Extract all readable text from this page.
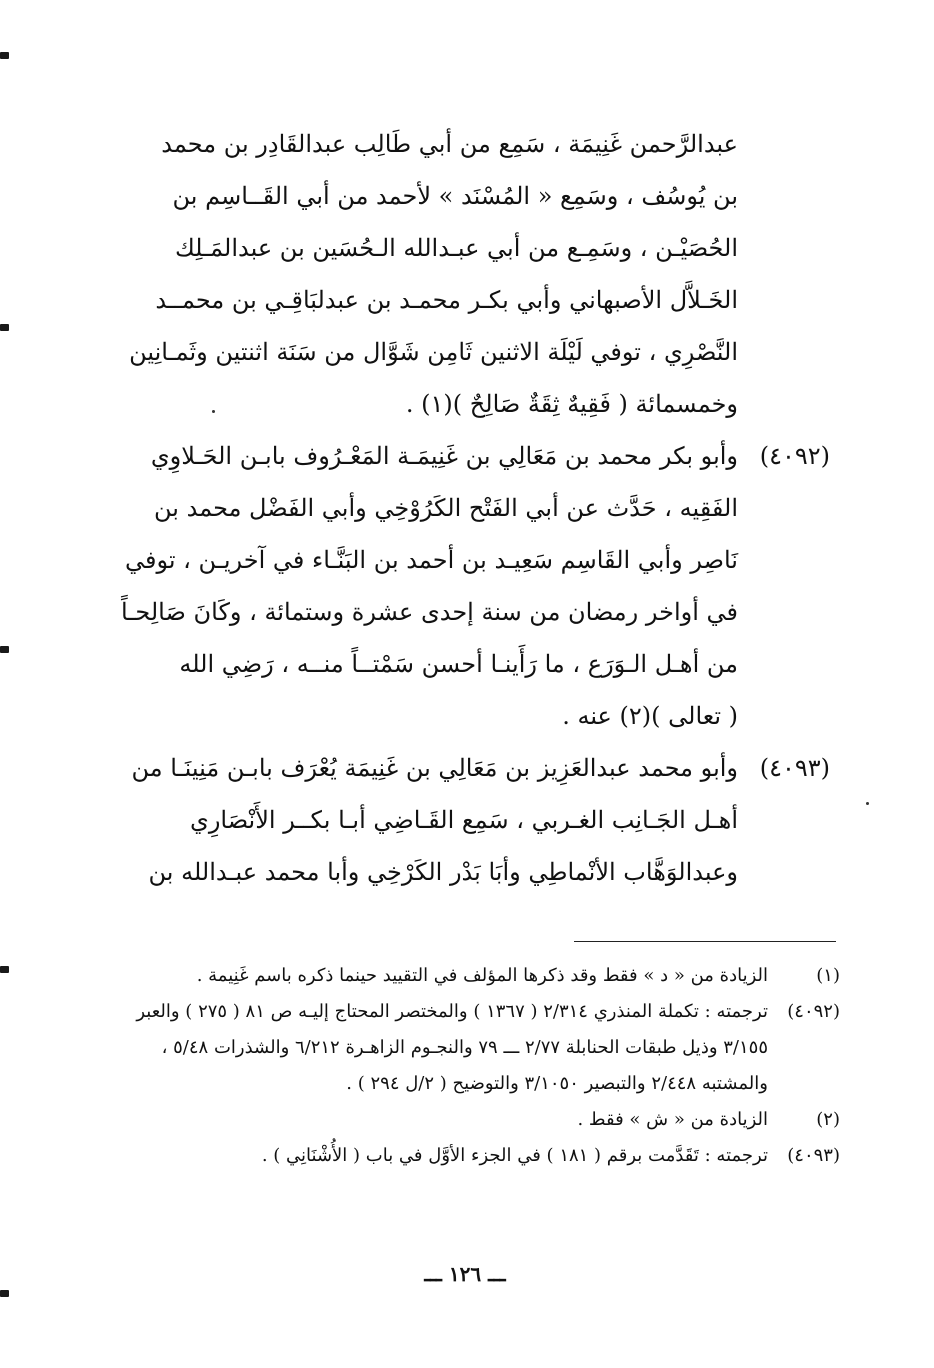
عبدالرَّحمن غَنِيمَة ، سَمِع من أبي طَالِب عبدالقَادِر بن محمد
بن يُوسُف ، وسَمِع « المُسْنَد » لأحمد من أبي القَــاسِم بن
الحُصَيْـن ، وسَمِـع من أبي عبـدالله الـحُسَين بن عبدالمَـلِك
الخَـلاَّل الأصبهاني وأبي بكـر محمـد بن عبدلبَاقِـي بن محمــد
النَّصْرِي ، توفي لَيْلَة الاثنين ثَامِن شَوَّال من سَنَة اثنتين وثَمـانِين
وخمسمائة ( فَقِيهٌ ثِقَةٌ صَالِحٌ )(١) .
(٤٠٩٢)وأبو بكر محمد بن مَعَالِي بن غَنِيمَـة المَعْـرُوف بابـن الحَـلاوِي
الفَقِيه ، حَدَّث عن أبي الفَتْح الكَرُوْخِي وأبي الفَضْل محمد بن
نَاصِر وأبي القَاسِم سَعِيـد بن أحمد بن البَنَّـاء في آخريـن ، توفي
في أواخر رمضان من سنة إحدى عشرة وستمائة ، وكَانَ صَالِحـاً
من أهـل الـوَرَع ، ما رَأَينـا أحسن سَمْتــاً منــه ، رَضِي الله
( تعالى )(٢) عنه .
(٤٠٩٣)وأبو محمد عبدالعَزِيز بن مَعَالِي بن غَنِيمَة يُعْرَف بابـن مَنِينَـا من
أهـل الجَـانِب الغـربي ، سَمِع القَـاضِي أبـا بكــر الأَنْصَارِي
وعبدالوَهَّاب الأنْماطِي وأبَا بَدْر الكَرْخِي وأبا محمد عبـدالله بن
(١)الزيادة من « د » فقط وقد ذكرها المؤلف في التقييد حينما ذكره باسم غَنِيمة .
(٤٠٩٢)ترجمته : تكملة المنذري ٢/٣١٤ ( ١٣٦٧ ) والمختصر المحتاج إليـه ص ٨١ ( ٢٧٥ ) والعبر
٣/١٥٥ وذيل طبقات الحنابلة ٢/٧٧ ـــ ٧٩ والنجـوم الزاهـرة ٦/٢١٢ والشذرات ٥/٤٨ ،
والمشتبه ٢/٤٤٨ والتبصير ٣/١٠٥٠ والتوضيح ( ٢/ل ٢٩٤ ) .
(٢)الزيادة من « ش » فقط .
(٤٠٩٣)ترجمته : تَقَدَّمت برقم ( ١٨١ ) في الجزء الأوَّل في باب ( الأُشْنَانِي ) .
ـــ ١٢٦ ـــ
